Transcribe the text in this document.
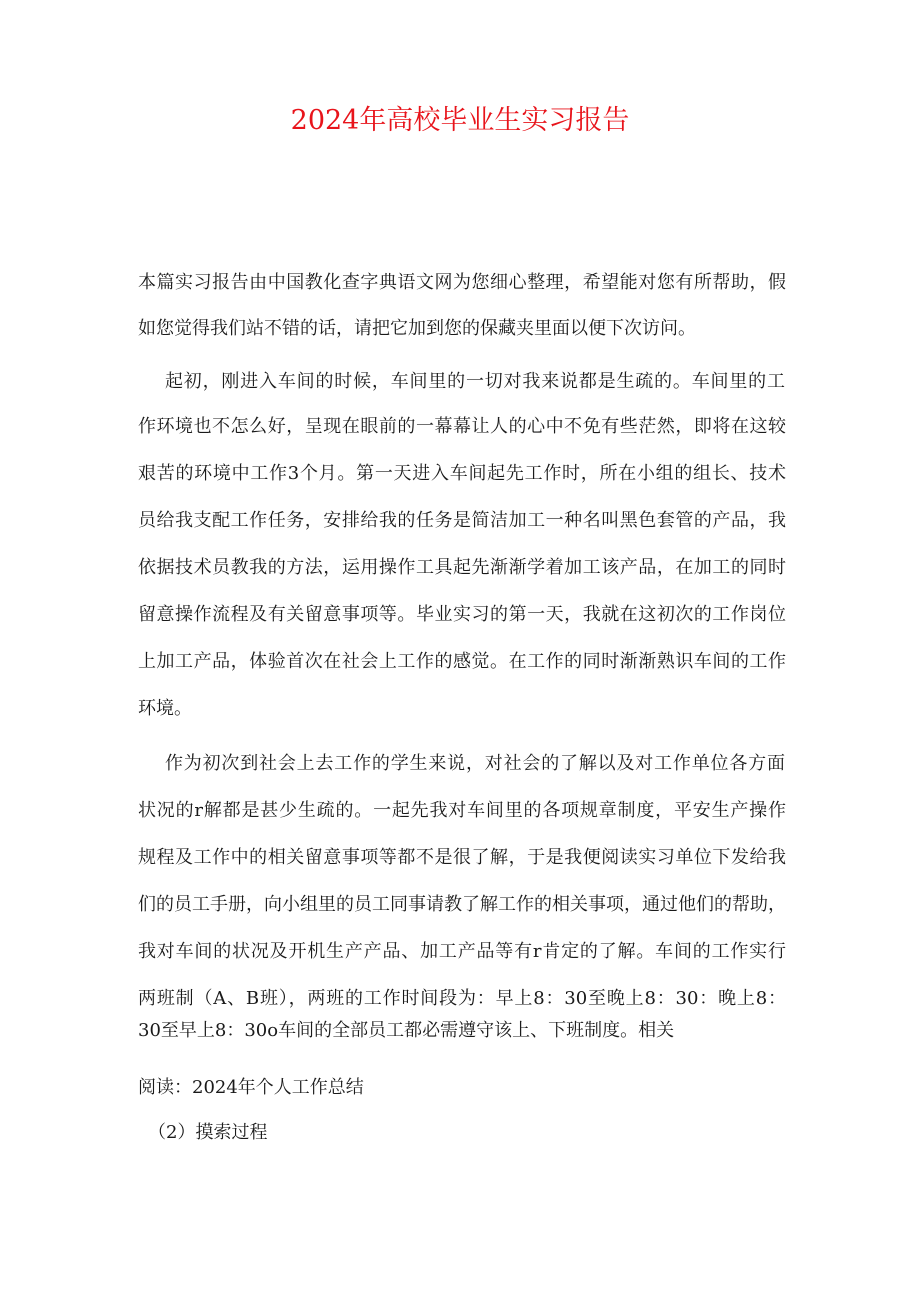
2024年高校毕业生实习报告

本篇实习报告由中国教化查字典语文网为您细心整理，希望能对您有所帮助，假

如您觉得我们站不错的话，请把它加到您的保藏夹里面以便下次访问。

起初，刚进入车间的时候，车间里的一切对我来说都是生疏的。车间里的工

作环境也不怎么好，呈现在眼前的一幕幕让人的心中不免有些茫然，即将在这较

艰苦的环境中工作3个月。第一天进入车间起先工作时，所在小组的组长、技术

员给我支配工作任务，安排给我的任务是简洁加工一种名叫黑色套管的产品，我

依据技术员教我的方法，运用操作工具起先渐渐学着加工该产品，在加工的同时

留意操作流程及有关留意事项等。毕业实习的第一天，我就在这初次的工作岗位

上加工产品，体验首次在社会上工作的感觉。在工作的同时渐渐熟识车间的工作

环境。

作为初次到社会上去工作的学生来说，对社会的了解以及对工作单位各方面

状况的r解都是甚少生疏的。一起先我对车间里的各项规章制度，平安生产操作

规程及工作中的相关留意事项等都不是很了解，于是我便阅读实习单位下发给我

们的员工手册，向小组里的员工同事请教了解工作的相关事项，通过他们的帮助，

我对车间的状况及开机生产产品、加工产品等有r肯定的了解。车间的工作实行

两班制（A、B班），两班的工作时间段为：早上8：30至晚上8：30：晚上8：

30至早上8：30o车间的全部员工都必需遵守该上、下班制度。相关

阅读：2024年个人工作总结

（2）摸索过程
